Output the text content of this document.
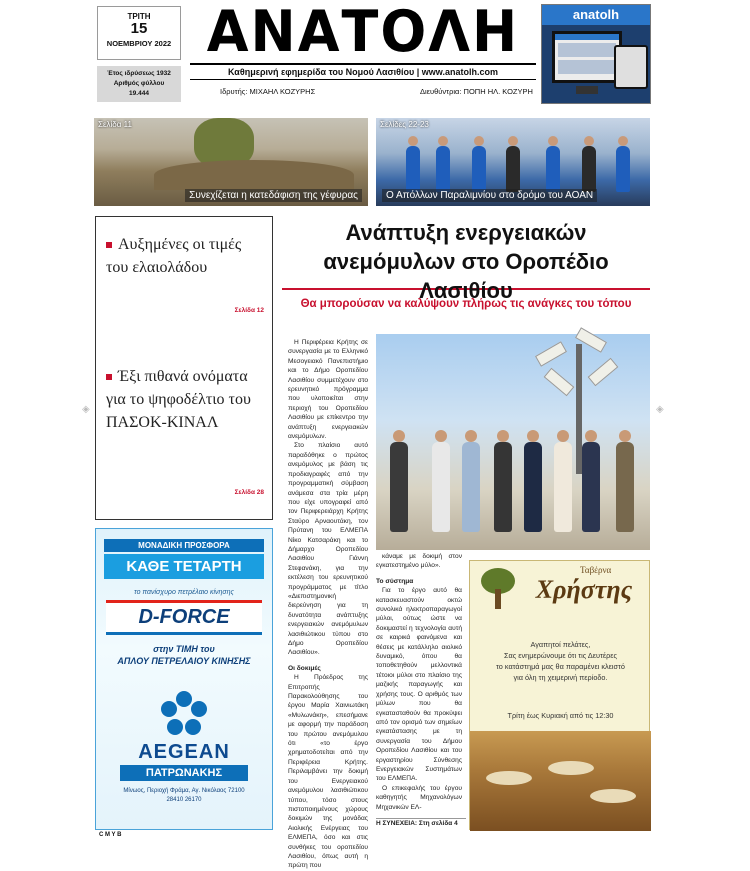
ΤΡΙΤΗ
15
ΝΟΕΜΒΡΙΟΥ 2022
Έτος ιδρύσεως 1932
Αριθμός φύλλου
19.444
ΑΝΑΤΟΛΗ
Καθημερινή εφημερίδα του Νομού Λασιθίου | www.anatolh.com
Ιδρυτής: ΜΙΧΑΗΛ ΚΟΖΥΡΗΣ	Διευθύντρια: ΠΟΠΗ ΗΛ. ΚΟΖΥΡΗ
anatolh
Σελίδα 11
Συνεχίζεται η κατεδάφιση της γέφυρας
Σελίδες 22-23
Ο Απόλλων Παραλιμνίου στο δρόμο του ΑΟΑΝ
Αυξημένες οι τιμές του ελαιολάδου
Σελίδα 12
Έξι πιθανά ονόματα για το ψηφοδέλτιο του ΠΑΣΟΚ-ΚΙΝΑΛ
Σελίδα 28
ΜΟΝΑΔΙΚΗ ΠΡΟΣΦΟΡΑ
ΚΑΘΕ ΤΕΤΑΡΤΗ
το πανίσχυρο πετρέλαιο κίνησης
D-FORCE
στην ΤΙΜΗ του
ΑΠΛΟΥ ΠΕΤΡΕΛΑΙΟΥ ΚΙΝΗΣΗΣ
AEGEAN
ΠΑΤΡΩΝΑΚΗΣ
Μίνωος, Περιοχή Φράμα, Αγ. Νικόλαος 72100
28410 26170
Ανάπτυξη ενεργειακών
ανεμόμυλων στο Οροπέδιο Λασιθίου
Θα μπορούσαν να καλύψουν πλήρως τις ανάγκες του τόπου

Η Περιφέρεια Κρήτης σε συνεργασία με το Ελληνικό Μεσογειακό Πανεπιστήμιο και το Δήμο Οροπεδίου Λασιθίου συμμετέχουν στο ερευνητικό πρόγραμμα που υλοποιείται στην περιοχή του Οροπεδίου Λασιθίου με επίκεντρο την ανάπτυξη ενεργειακών ανεμόμυλων.

Στο πλαίσιο αυτό παραδόθηκε ο πρώτος ανεμόμυλος με βάση τις προδιαγραφές από την προγραμματική σύμβαση ανάμεσα στα τρία μέρη που είχε υπογραφεί από τον Περιφερειάρχη Κρήτης Σταύρο Αρναουτάκη, τον Πρύτανη του ΕΛΜΕΠΑ Νίκο Κατσαράκη και το Δήμαρχο Οροπεδίου Λασιθίου Γιάννη Στεφανάκη, για την εκτέλεση του ερευνητικού προγράμματος με τίτλο «Διεπιστημονική διερεύνηση για τη δυνατότητα ανάπτυξης ενεργειακών ανεμόμυλων λασιθιώτικου τύπου στο Δήμο Οροπεδίου Λασιθίου».

Οι δοκιμές

Η Πρόεδρος της Επιτροπής Παρακολούθησης του έργου Μαρία Χαινιωτάκη «Μυλωνάκη», επεσήμανε με αφορμή την παράδοση του πρώτου ανεμόμυλου ότι «το έργο χρηματοδοτείται από την Περιφέρεια Κρήτης. Περιλαμβάνει την δοκιμή του Ενεργειακού ανεμόμυλου λασιθιώτικου τύπου, τόσο στους πιστοποιημένους χώρους δοκιμών της μονάδας Αιολικής Ενέργειας του ΕΛΜΕΠΑ, όσο και στις συνθήκες του οροπεδίου Λασιθίου, όπως αυτή η πρώτη που

κάναμε με δοκιμή στον εγκατεστημένο μύλο».

Το σύστημα

Για το έργο αυτό θα κατασκευαστούν οκτώ συνολικά ηλεκτροπαραγωγοί μύλοι, ούτως ώστε να δοκιμαστεί η τεχνολογία αυτή σε καιρικά φαινόμενα και θέσεις με κατάλληλο αιολικό δυναμικό, όπου θα τοποθετηθούν μελλοντικά τέτοιοι μύλοι στο πλαίσιο της μαζικής παραγωγής και χρήσης τους. Ο αριθμός των μύλων που θα εγκατασταθούν θα προκύψει από τον ορισμό των σημείων εγκατάστασης με τη συνεργασία του Δήμου Οροπεδίου Λασιθίου και του εργαστηρίου Σύνθεσης Ενεργειακών Συστημάτων του ΕΛΜΕΠΑ.

Ο επικεφαλής του έργου καθηγητής Μηχανολόγων Μηχανικών ΕΛ-

Η ΣΥΝΕΧΕΙΑ: Στη σελίδα 4
Ταβέρνα
Χρήστης
Αγαπητοί πελάτες,
Σας ενημερώνουμε ότι τις Δευτέρες
το κατάστημά μας θα παραμένει κλειστό
για όλη τη χειμερινή περίοδο.
Τρίτη έως Κυριακή από τις 12:30
C M Y B
◈	◈
